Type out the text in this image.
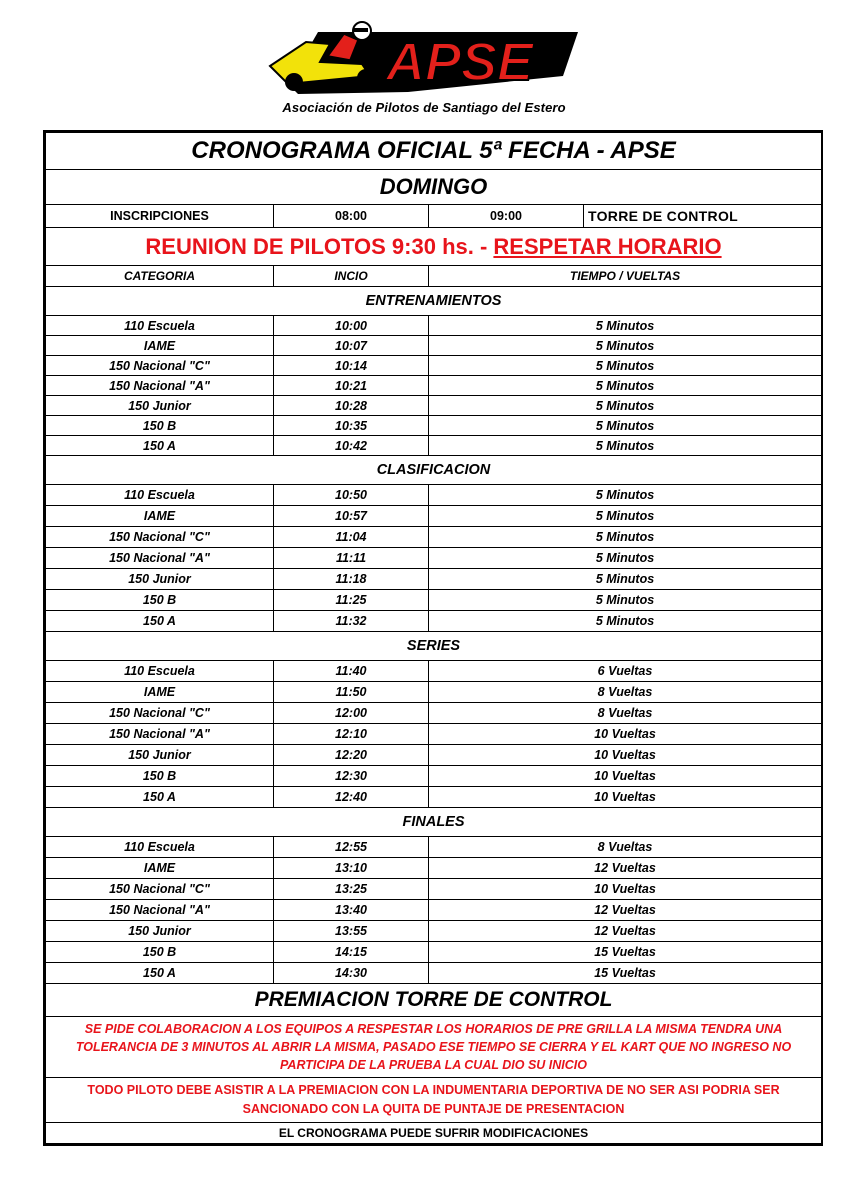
APSE
Asociación de Pilotos de Santiago del Estero
CRONOGRAMA OFICIAL 5ª FECHA - APSE			
DOMINGO			
INSCRIPCIONES	08:00	09:00	TORRE DE CONTROL
REUNION DE PILOTOS 9:30 hs. - RESPETAR HORARIO			
CATEGORIA	INCIO	TIEMPO / VUELTAS	
ENTRENAMIENTOS			
110 Escuela	10:00	5 Minutos	
IAME	10:07	5 Minutos	
150 Nacional "C"	10:14	5 Minutos	
150 Nacional "A"	10:21	5 Minutos	
150 Junior	10:28	5 Minutos	
150 B	10:35	5 Minutos	
150 A	10:42	5 Minutos	
CLASIFICACION			
110 Escuela	10:50	5 Minutos	
IAME	10:57	5 Minutos	
150 Nacional "C"	11:04	5 Minutos	
150 Nacional "A"	11:11	5 Minutos	
150 Junior	11:18	5 Minutos	
150 B	11:25	5 Minutos	
150 A	11:32	5 Minutos	
SERIES			
110 Escuela	11:40	6 Vueltas	
IAME	11:50	8 Vueltas	
150 Nacional "C"	12:00	8 Vueltas	
150 Nacional "A"	12:10	10 Vueltas	
150 Junior	12:20	10 Vueltas	
150 B	12:30	10 Vueltas	
150 A	12:40	10 Vueltas	
FINALES			
110 Escuela	12:55	8 Vueltas	
IAME	13:10	12 Vueltas	
150 Nacional "C"	13:25	10 Vueltas	
150 Nacional "A"	13:40	12 Vueltas	
150 Junior	13:55	12 Vueltas	
150 B	14:15	15 Vueltas	
150 A	14:30	15 Vueltas	
PREMIACION TORRE DE CONTROL			
SE PIDE COLABORACION A LOS EQUIPOS A RESPESTAR LOS HORARIOS DE PRE GRILLA LA MISMA TENDRA UNA TOLERANCIA DE 3 MINUTOS AL ABRIR LA MISMA, PASADO ESE TIEMPO SE CIERRA Y EL KART QUE NO INGRESO NO PARTICIPA DE LA PRUEBA LA CUAL DIO SU INICIO			
TODO PILOTO DEBE ASISTIR A LA PREMIACION CON LA INDUMENTARIA DEPORTIVA DE NO SER ASI PODRIA SER SANCIONADO CON LA QUITA DE PUNTAJE DE PRESENTACION			
EL CRONOGRAMA PUEDE SUFRIR MODIFICACIONES			
